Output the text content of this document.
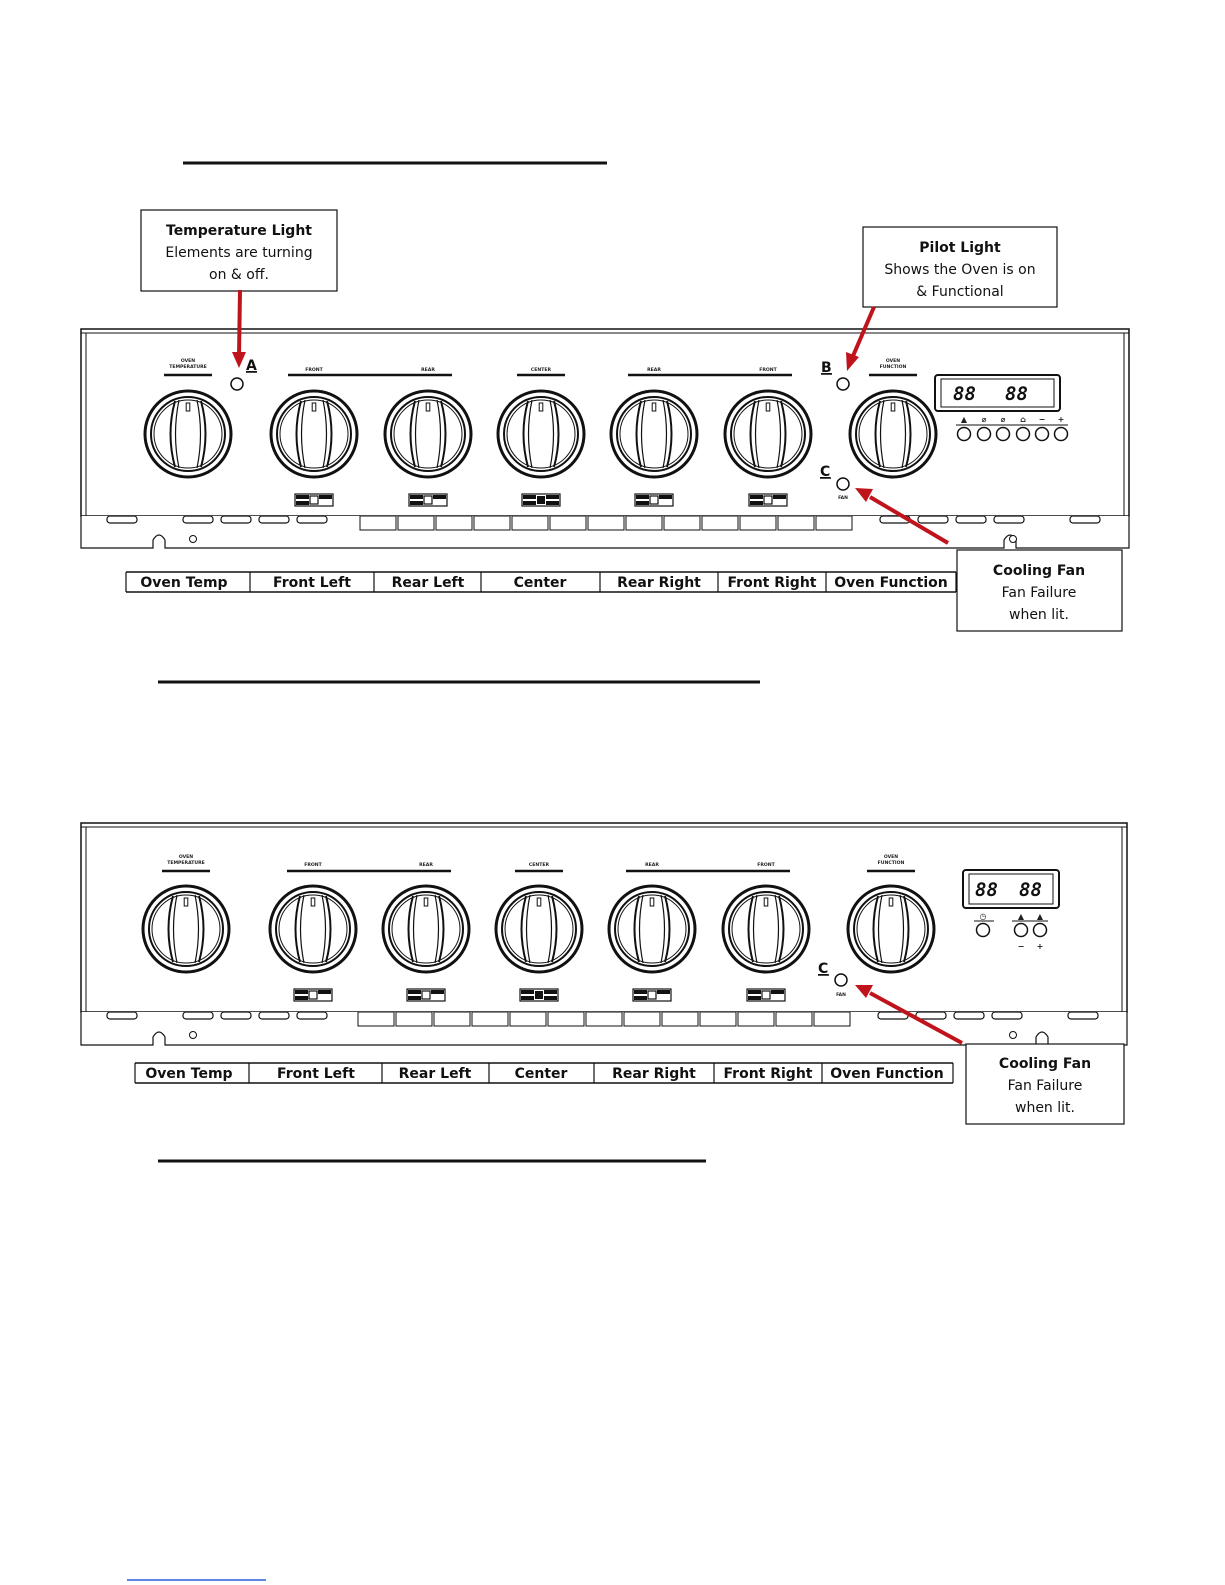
OVEN
TEMPERATURE
FRONT	REAR	CENTER	REAR	FRONT
OVEN
FUNCTION
A	B
C
FAN
88 88
▲ ⌀ ⌀ ⌂ − +
Oven Temp	Front Left	Rear Left	Center	Rear Right Front Right Oven Function
Temperature Light
Elements are turning
on & off.
Pilot Light
Shows the Oven is on
& Functional
Cooling Fan
Fan Failure
when lit.
OVEN
TEMPERATURE	FRONT	REAR	CENTER	REAR	FRONT
OVEN
FUNCTION
C
FAN
88 88
◷	▲ ▲
− +
Oven Temp	Front Left	Rear Left	Center	Rear Right Front Right Oven Function
Cooling Fan
Fan Failure
when lit.
